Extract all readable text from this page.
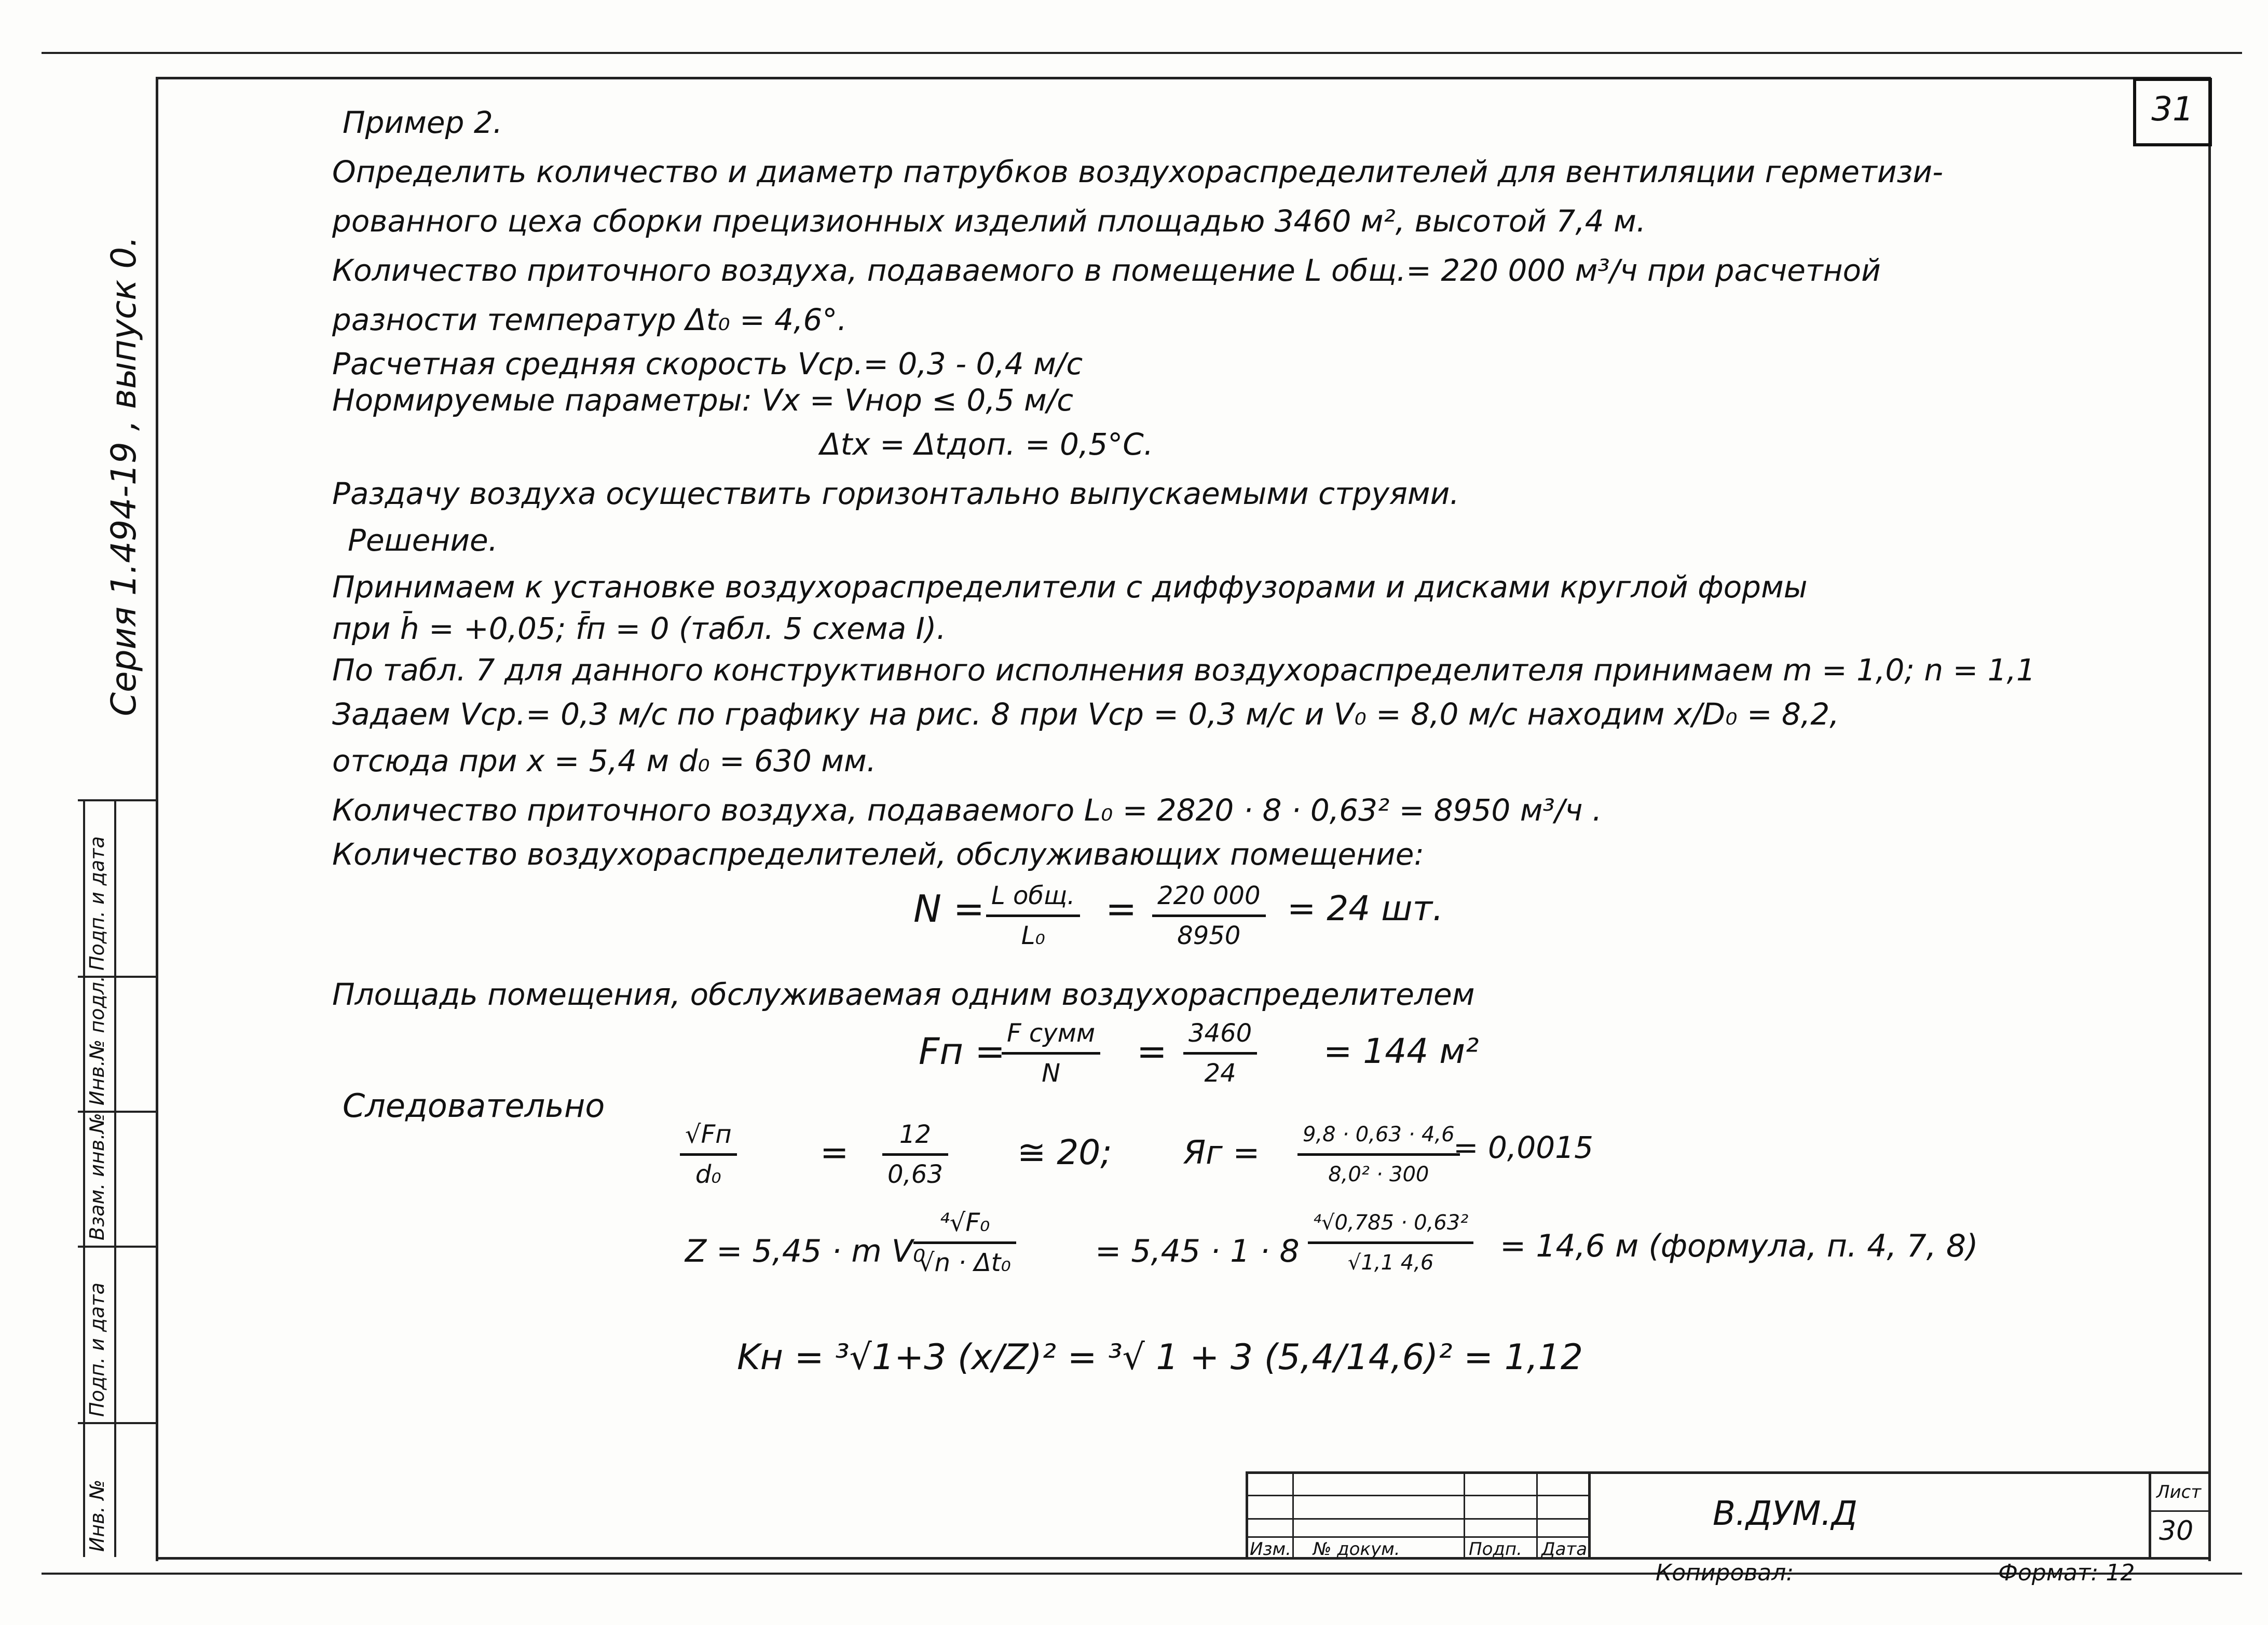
31
Серия 1.494-19 , выпуск 0.
Взам. инв.№
Подп. и дата
Инв.№ подл.
Подп. и дата
Инв. №
Пример 2.
Определить количество и диаметр патрубков воздухораспределителей для вентиляции герметизи-
рованного цеха сборки прецизионных изделий площадью 3460 м², высотой 7,4 м.
Количество приточного воздуха, подаваемого в помещение L общ.= 220 000 м³/ч при расчетной
разности температур Δt₀ = 4,6°.
Расчетная средняя скорость Vср.= 0,3 - 0,4 м/с
Нормируемые параметры: Vх = Vнор ≤ 0,5 м/с
Δtх = Δtдоп. = 0,5°С.
Раздачу воздуха осуществить горизонтально выпускаемыми струями.
Решение.
Принимаем к установке воздухораспределители с диффузорами и дисками круглой формы
при h̄ = +0,05; f̄п = 0 (табл. 5 схема I).
По табл. 7 для данного конструктивного исполнения воздухораспределителя принимаем m = 1,0; n = 1,1
Задаем Vср.= 0,3 м/с по графику на рис. 8 при Vср = 0,3 м/с и V₀ = 8,0 м/с находим x/D₀ = 8,2,
отсюда при x = 5,4 м d₀ = 630 мм.
Количество приточного воздуха, подаваемого L₀ = 2820 · 8 · 0,63² = 8950 м³/ч .
Количество воздухораспределителей, обслуживающих помещение:
N = L общ.
L₀
= $\frac{220 000}{8950} = 24$ шт.
Площадь помещения, обслуживаемая одним воздухораспределителем
Fп = F сумм
N
= $\frac{3460}{24} = 144$ м²
Следовательно
√Fп
d₀
= $\frac{12}{0,63}$ ≅ 20; Яг = $\frac{9,8 \cdot 0,63 \cdot 4,6}{\text{8,0² · 300}}$
= 0,0015
Z = 5,45 · m V₀
$\frac{\text{⁴√F₀}}{\text{√n · Δt₀}}$	= $5,45 \cdot 1 \cdot 8 \frac{\text{⁴√0,785 · 0,63²}}{√1,1 4,6} = 14,6$ м (формула, п. 4, 7, 8)
Kн = ³√1+3 (x/Z)² = ³√ 1 + 3 (5,4/14,6)² = 1,12
Изм. № докум.	Подп. Дата
В.ДУМ.Д
Лист
30
Копировал:	Формат: 12
